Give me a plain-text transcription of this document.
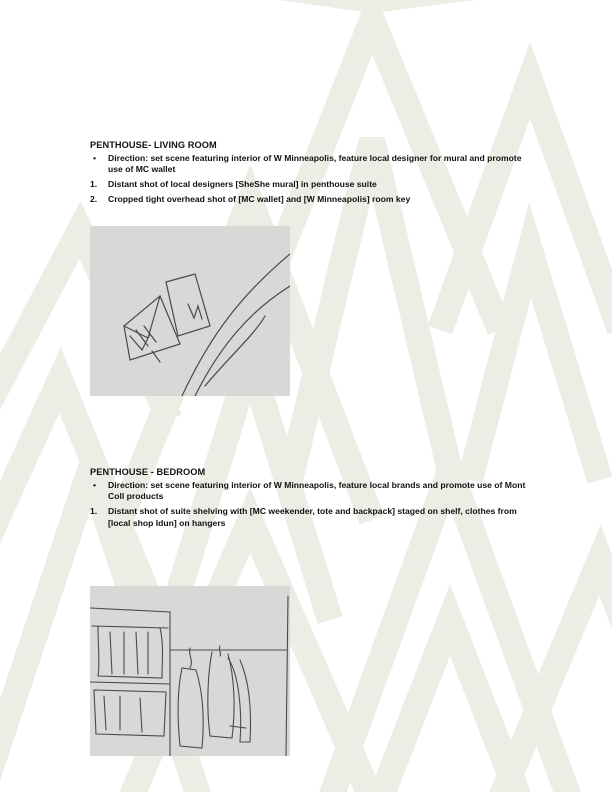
PENTHOUSE- LIVING ROOM
•	Direction: set scene featuring interior of W Minneapolis, feature local designer for mural and promote use of MC wallet
1.	Distant shot of local designers [SheShe mural] in penthouse suite
2.	Cropped tight overhead shot of [MC wallet] and [W Minneapolis] room key
PENTHOUSE - BEDROOM
•	Direction: set scene featuring interior of W Minneapolis, feature local brands and promote use of Mont Coll products
1.	Distant shot of suite shelving with [MC weekender, tote and backpack] staged on shelf, clothes from [local shop Idun] on hangers
